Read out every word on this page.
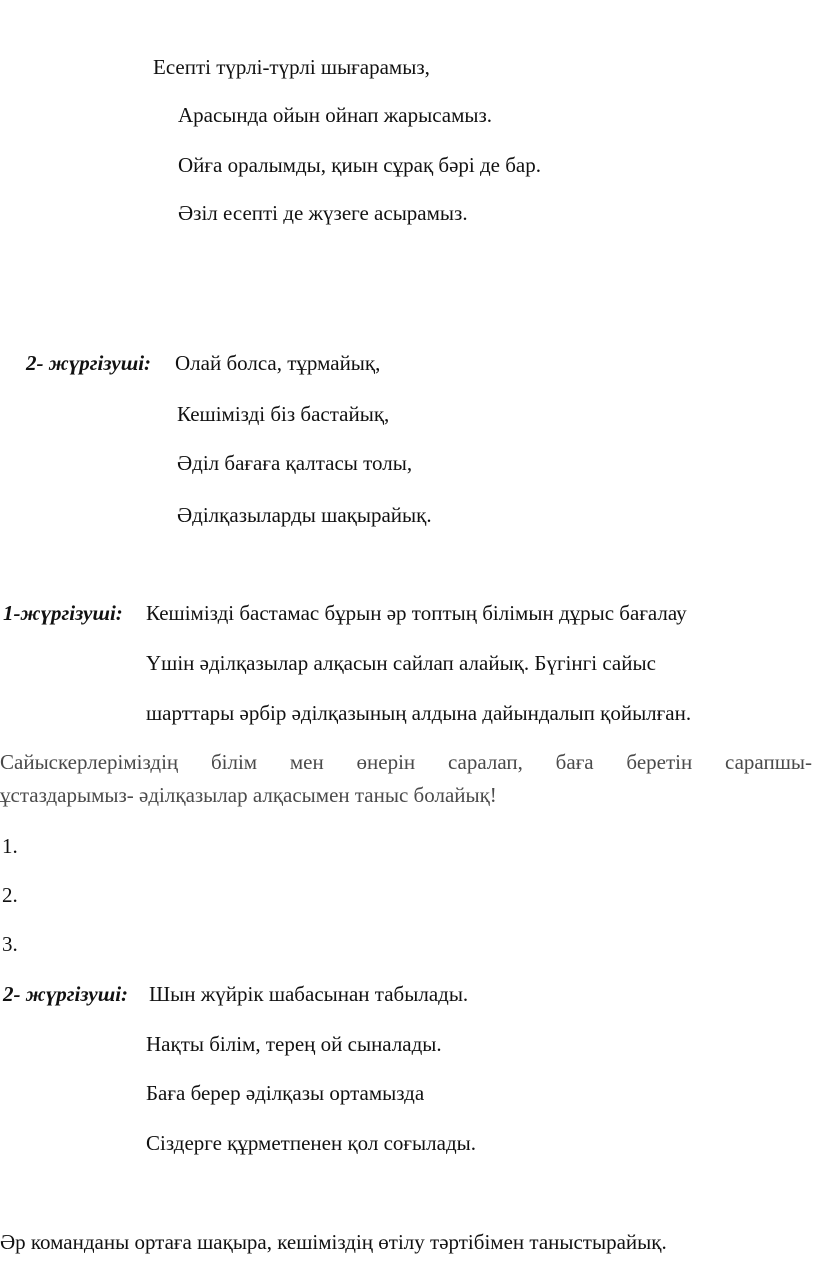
Есепті түрлі-түрлі шығарамыз,
Арасында ойын ойнап жарысамыз.
Ойға оралымды, қиын сұрақ бәрі де бар.
Әзіл есепті де жүзеге асырамыз.
2- жүргізуші: Олай болса, тұрмайық,
Кешімізді біз бастайық,
Әділ бағаға қалтасы толы,
Әділқазыларды шақырайық.
1-жүргізуші: Кешімізді бастамас бұрын әр топтың білімын дұрыс бағалау
Үшін әділқазылар алқасын сайлап алайық. Бүгінгі сайыс
шарттары әрбір әділқазының алдына дайындалып қойылған.
Сайыскерлеріміздің білім мен өнерін саралап, баға беретін сарапшы-
ұстаздарымыз- әділқазылар алқасымен таныс болайық!
1.
2.
3.
2- жүргізуші: Шын жүйрік шабасынан табылады.
Нақты білім, терең ой сыналады.
Баға берер әділқазы ортамызда
Сіздерге құрметпенен қол соғылады.
Әр команданы ортаға шақыра, кешіміздің өтілу тәртібімен таныстырайық.
